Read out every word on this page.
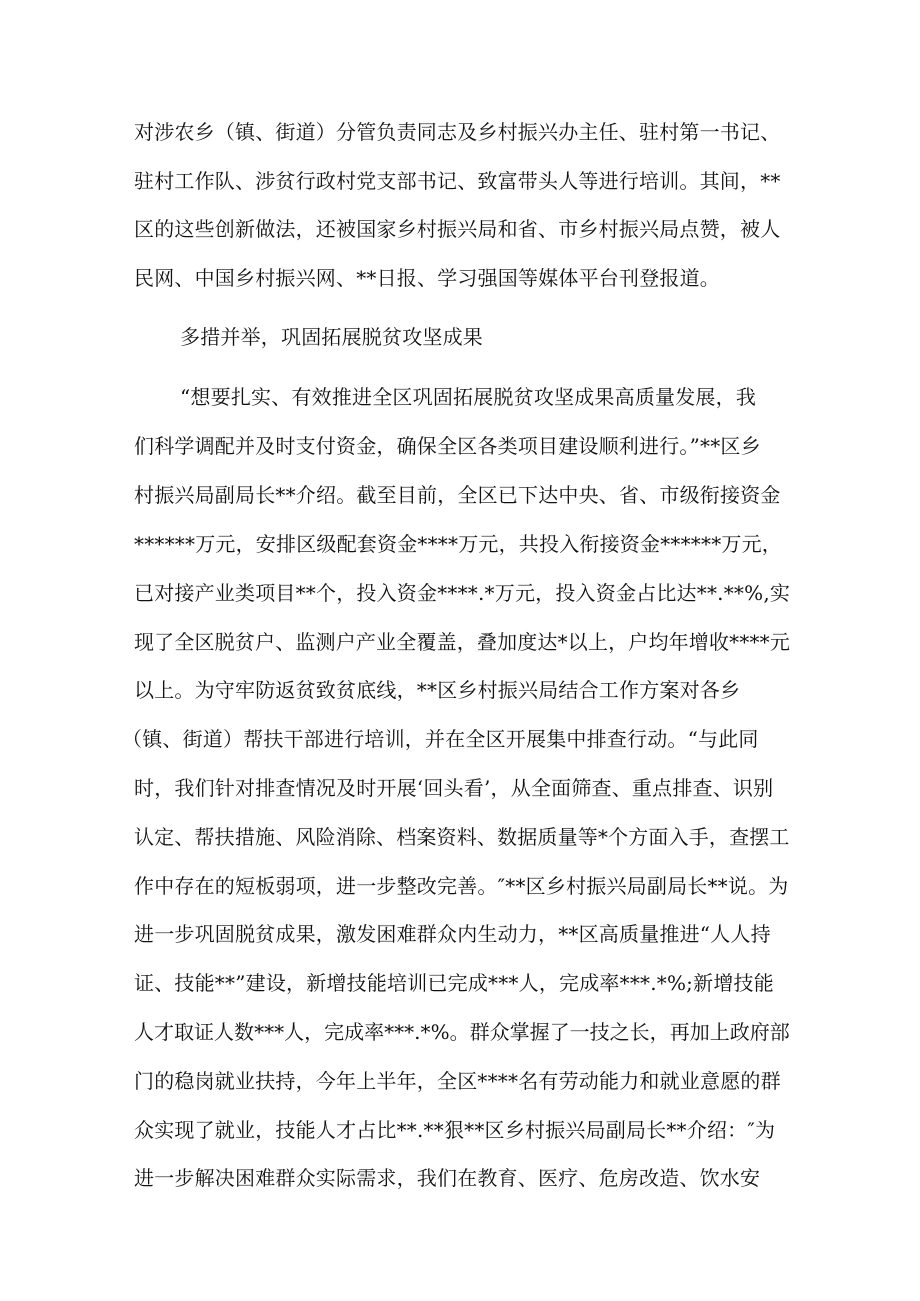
对涉农乡（镇、街道）分管负责同志及乡村振兴办主任、驻村第一书记、
驻村工作队、涉贫行政村党支部书记、致富带头人等进行培训。其间，**
区的这些创新做法，还被国家乡村振兴局和省、市乡村振兴局点赞，被人
民网、中国乡村振兴网、**日报、学习强国等媒体平台刊登报道。
多措并举，巩固拓展脱贫攻坚成果
“想要扎实、有效推进全区巩固拓展脱贫攻坚成果高质量发展，我
们科学调配并及时支付资金，确保全区各类项目建设顺利进行。”**区乡
村振兴局副局长**介绍。截至目前，全区已下达中央、省、市级衔接资金
******万元，安排区级配套资金****万元，共投入衔接资金******万元，
已对接产业类项目**个，投入资金****.*万元，投入资金占比达**.**%,实
现了全区脱贫户、监测户产业全覆盖，叠加度达*以上，户均年增收****元
以上。为守牢防返贫致贫底线，**区乡村振兴局结合工作方案对各乡
（镇、街道）帮扶干部进行培训，并在全区开展集中排查行动。“与此同
时，我们针对排查情况及时开展‘回头看’，从全面筛查、重点排查、识别
认定、帮扶措施、风险消除、档案资料、数据质量等*个方面入手，查摆工
作中存在的短板弱项，进一步整改完善。″**区乡村振兴局副局长**说。为
进一步巩固脱贫成果，激发困难群众内生动力，**区高质量推进“人人持
证、技能**”建设，新增技能培训已完成***人，完成率***.*%;新增技能
人才取证人数***人，完成率***.*%。群众掌握了一技之长，再加上政府部
门的稳岗就业扶持，今年上半年，全区****名有劳动能力和就业意愿的群
众实现了就业，技能人才占比**.**狠**区乡村振兴局副局长**介绍：″为
进一步解决困难群众实际需求，我们在教育、医疗、危房改造、饮水安
